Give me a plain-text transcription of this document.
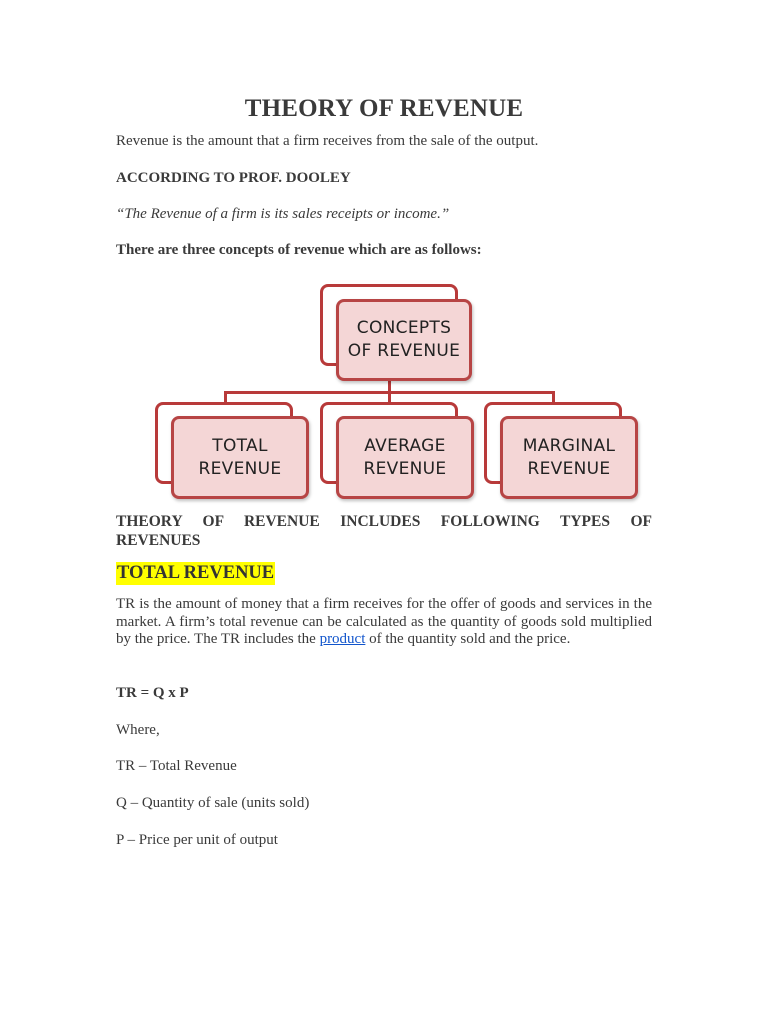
THEORY OF REVENUE

Revenue is the amount that a firm receives from the sale of the output.

ACCORDING TO PROF. DOOLEY

“The Revenue of a firm is its sales receipts or income.”

There are three concepts of revenue which are as follows:

CONCEPTS
OF REVENUE
TOTAL
REVENUE
AVERAGE
REVENUE
MARGINAL
REVENUE

THEORY OF REVENUE INCLUDES FOLLOWING TYPES OF

REVENUES

TOTAL REVENUE

TR is the amount of money that a firm receives for the offer of goods and services in the market. A firm’s total revenue can be calculated as the quantity of goods sold multiplied by the price. The TR includes the product of the quantity sold and the price.

TR = Q x P

Where,

TR – Total Revenue

Q – Quantity of sale (units sold)

P – Price per unit of output
